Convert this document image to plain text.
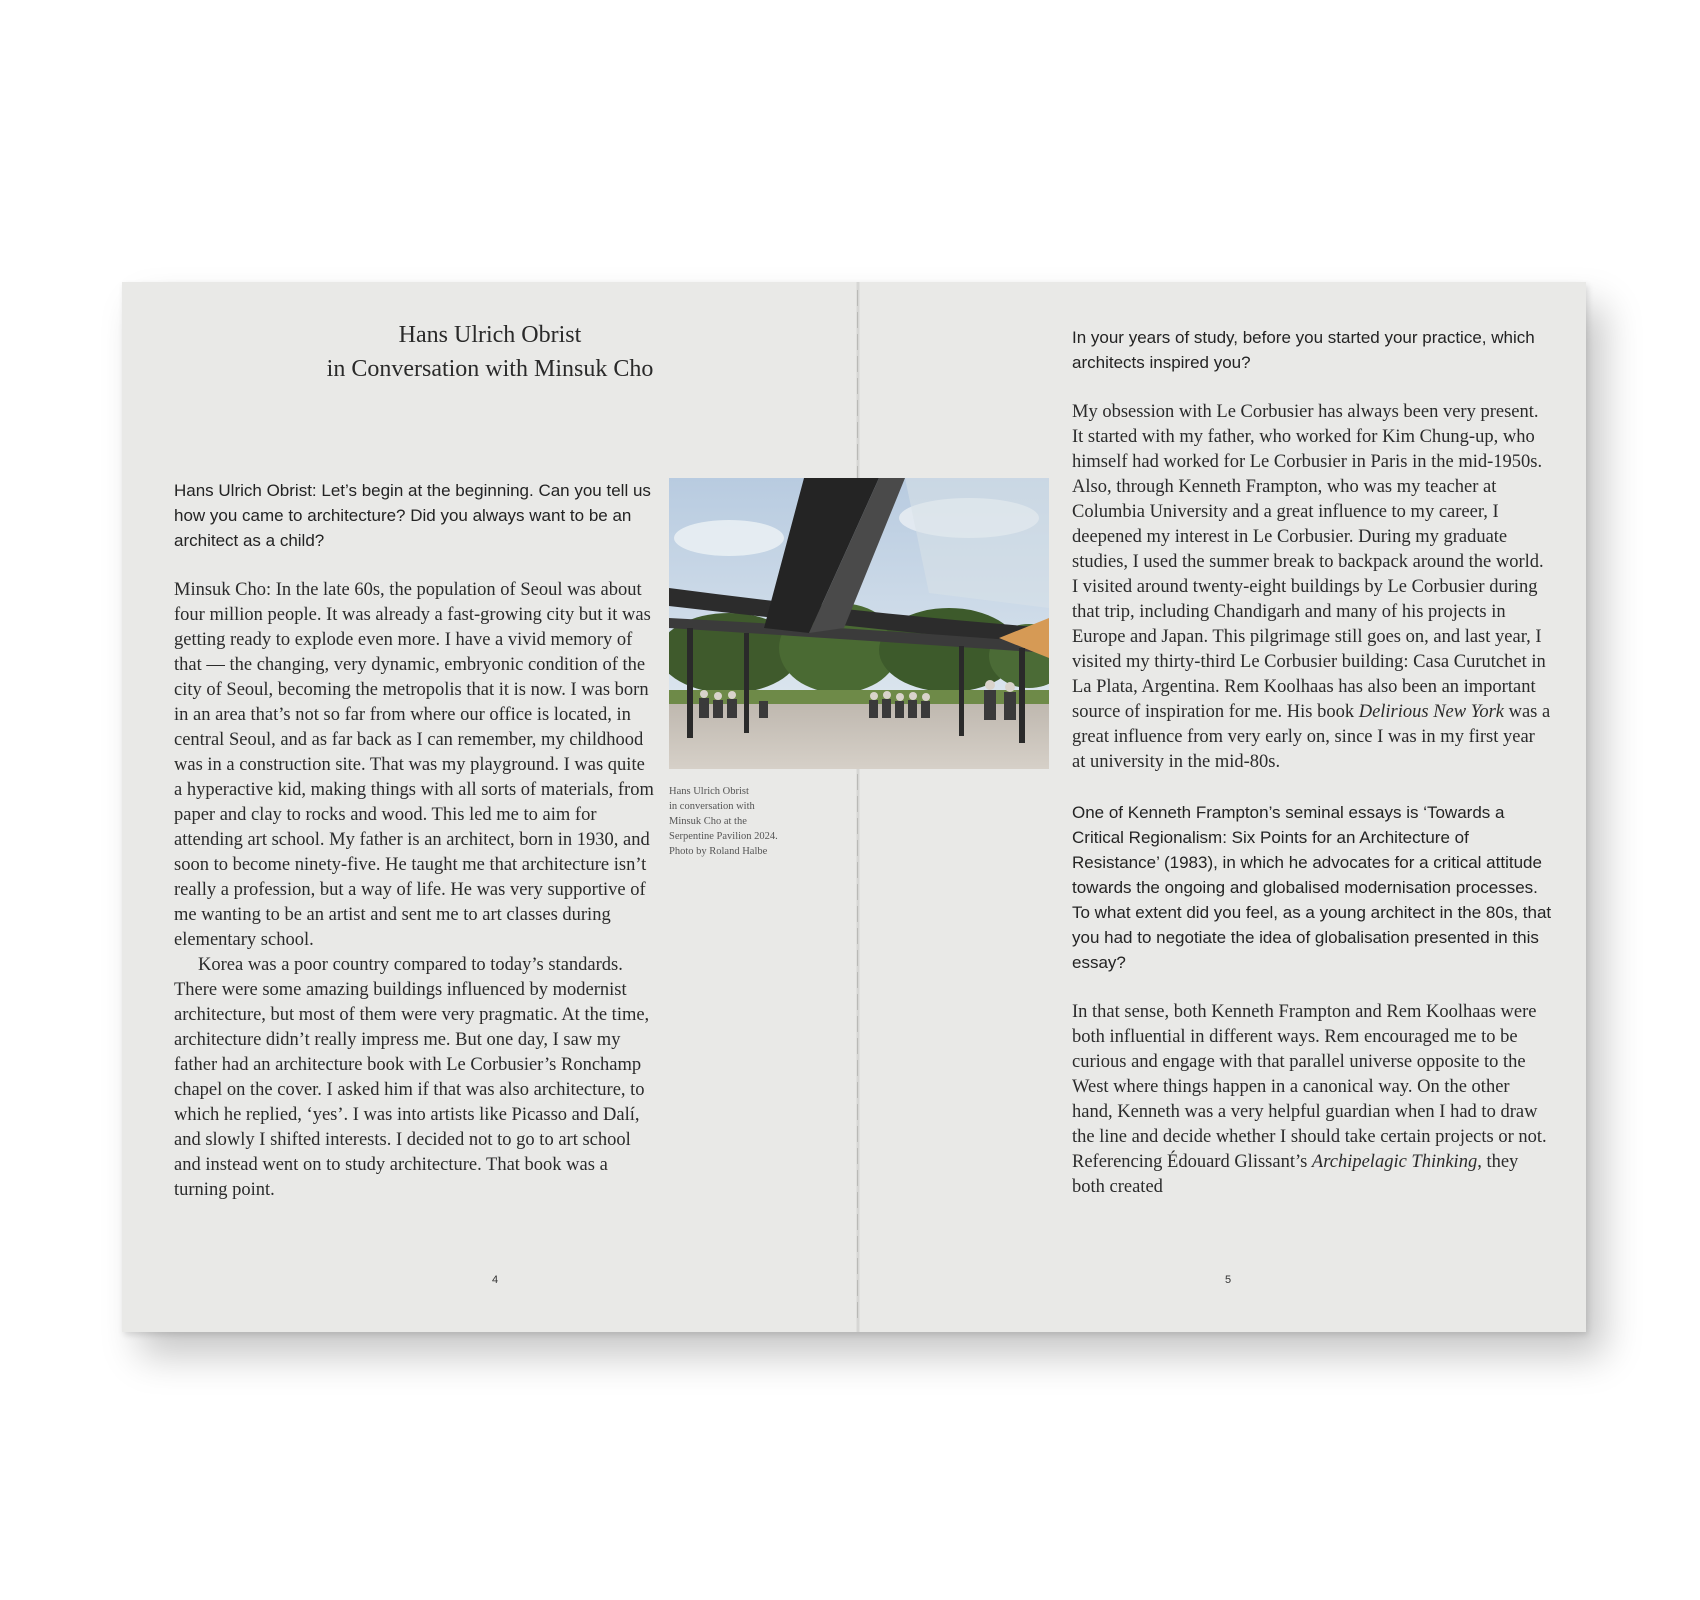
Hans Ulrich Obrist
in Conversation with Minsuk Cho

Hans Ulrich Obrist: Let’s begin at the beginning. Can you tell us how you came to architecture? Did you always want to be an architect as a child?

Minsuk Cho: In the late 60s, the population of Seoul was about four million people. It was already a fast-growing city but it was getting ready to explode even more. I have a vivid memory of that — the changing, very dynamic, embryonic condition of the city of Seoul, becoming the metropolis that it is now. I was born in an area that’s not so far from where our office is located, in central Seoul, and as far back as I can remember, my childhood was in a construction site. That was my playground. I was quite a hyperactive kid, making things with all sorts of materials, from paper and clay to rocks and wood. This led me to aim for attending art school. My father is an architect, born in 1930, and soon to become ninety-five. He taught me that architecture isn’t really a profession, but a way of life. He was very supportive of me wanting to be an artist and sent me to art classes during elementary school.

Korea was a poor country compared to today’s standards. There were some amazing buildings influenced by modernist architecture, but most of them were very pragmatic. At the time, architecture didn’t really impress me. But one day, I saw my father had an architecture book with Le Corbusier’s Ronchamp chapel on the cover. I asked him if that was also architecture, to which he replied, ‘yes’. I was into artists like Picasso and Dalí, and slowly I shifted interests. I decided not to go to art school and instead went on to study architecture. That book was a turning point.

Hans Ulrich Obrist
in conversation with
Minsuk Cho at the
Serpentine Pavilion 2024.
Photo by Roland Halbe
4

In your years of study, before you started your practice, which architects inspired you?

My obsession with Le Corbusier has always been very present. It started with my father, who worked for Kim Chung-up, who himself had worked for Le Corbusier in Paris in the mid-1950s. Also, through Kenneth Frampton, who was my teacher at Columbia University and a great influence to my career, I deepened my interest in Le Corbusier. During my graduate studies, I used the summer break to backpack around the world. I visited around twenty-eight buildings by Le Corbusier during that trip, including Chandigarh and many of his projects in Europe and Japan. This pilgrimage still goes on, and last year, I visited my thirty-third Le Corbusier building: Casa Curutchet in La Plata, Argentina. Rem Koolhaas has also been an important source of inspiration for me. His book Delirious New York was a great influence from very early on, since I was in my first year at university in the mid-80s.

One of Kenneth Frampton’s seminal essays is ‘Towards a Critical Regionalism: Six Points for an Architecture of Resistance’ (1983), in which he advocates for a critical attitude towards the ongoing and globalised modernisation processes. To what extent did you feel, as a young architect in the 80s, that you had to negotiate the idea of globalisation presented in this essay?

In that sense, both Kenneth Frampton and Rem Koolhaas were both influential in different ways. Rem encouraged me to be curious and engage with that parallel universe opposite to the West where things happen in a canonical way. On the other hand, Kenneth was a very helpful guardian when I had to draw the line and decide whether I should take certain projects or not. Referencing Édouard Glissant’s Archipelagic Thinking, they both created

5
